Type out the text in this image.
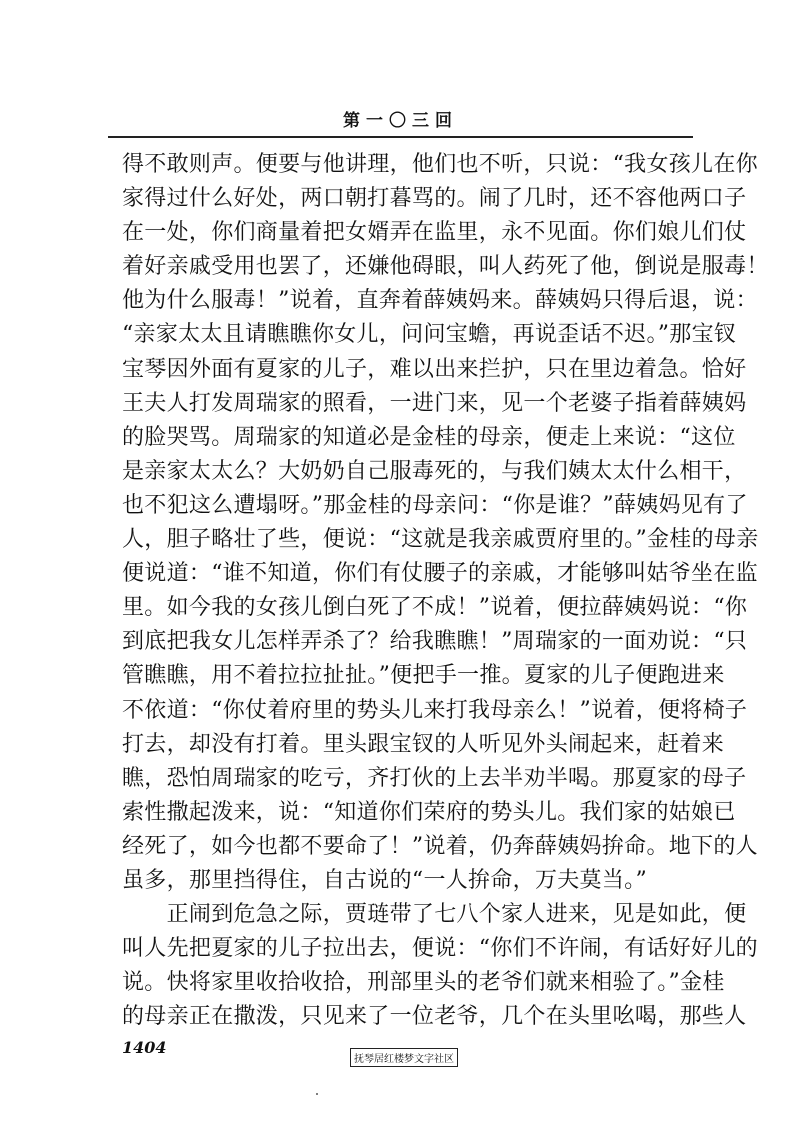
第一〇三回
得不敢则声。便要与他讲理，他们也不听，只说：“我女孩儿在你
家得过什么好处，两口朝打暮骂的。闹了几时，还不容他两口子
在一处，你们商量着把女婿弄在监里，永不见面。你们娘儿们仗
着好亲戚受用也罢了，还嫌他碍眼，叫人药死了他，倒说是服毒！
他为什么服毒！”说着，直奔着薛姨妈来。薛姨妈只得后退，说：
“亲家太太且请瞧瞧你女儿，问问宝蟾，再说歪话不迟。”那宝钗
宝琴因外面有夏家的儿子，难以出来拦护，只在里边着急。恰好
王夫人打发周瑞家的照看，一进门来，见一个老婆子指着薛姨妈
的脸哭骂。周瑞家的知道必是金桂的母亲，便走上来说：“这位
是亲家太太么？大奶奶自己服毒死的，与我们姨太太什么相干，
也不犯这么遭塌呀。”那金桂的母亲问：“你是谁？”薛姨妈见有了
人，胆子略壮了些，便说：“这就是我亲戚贾府里的。”金桂的母亲
便说道：“谁不知道，你们有仗腰子的亲戚，才能够叫姑爷坐在监
里。如今我的女孩儿倒白死了不成！”说着，便拉薛姨妈说：“你
到底把我女儿怎样弄杀了？给我瞧瞧！”周瑞家的一面劝说：“只
管瞧瞧，用不着拉拉扯扯。”便把手一推。夏家的儿子便跑进来
不依道：“你仗着府里的势头儿来打我母亲么！”说着，便将椅子
打去，却没有打着。里头跟宝钗的人听见外头闹起来，赶着来
瞧，恐怕周瑞家的吃亏，齐打伙的上去半劝半喝。那夏家的母子
索性撒起泼来，说：“知道你们荣府的势头儿。我们家的姑娘已
经死了，如今也都不要命了！”说着，仍奔薛姨妈拚命。地下的人
虽多，那里挡得住，自古说的“一人拚命，万夫莫当。”
　　正闹到危急之际，贾琏带了七八个家人进来，见是如此，便
叫人先把夏家的儿子拉出去，便说：“你们不许闹，有话好好儿的
说。快将家里收拾收拾，刑部里头的老爷们就来相验了。”金桂
的母亲正在撒泼，只见来了一位老爷，几个在头里吆喝，那些人
1404
抚琴居红楼梦文字社区
